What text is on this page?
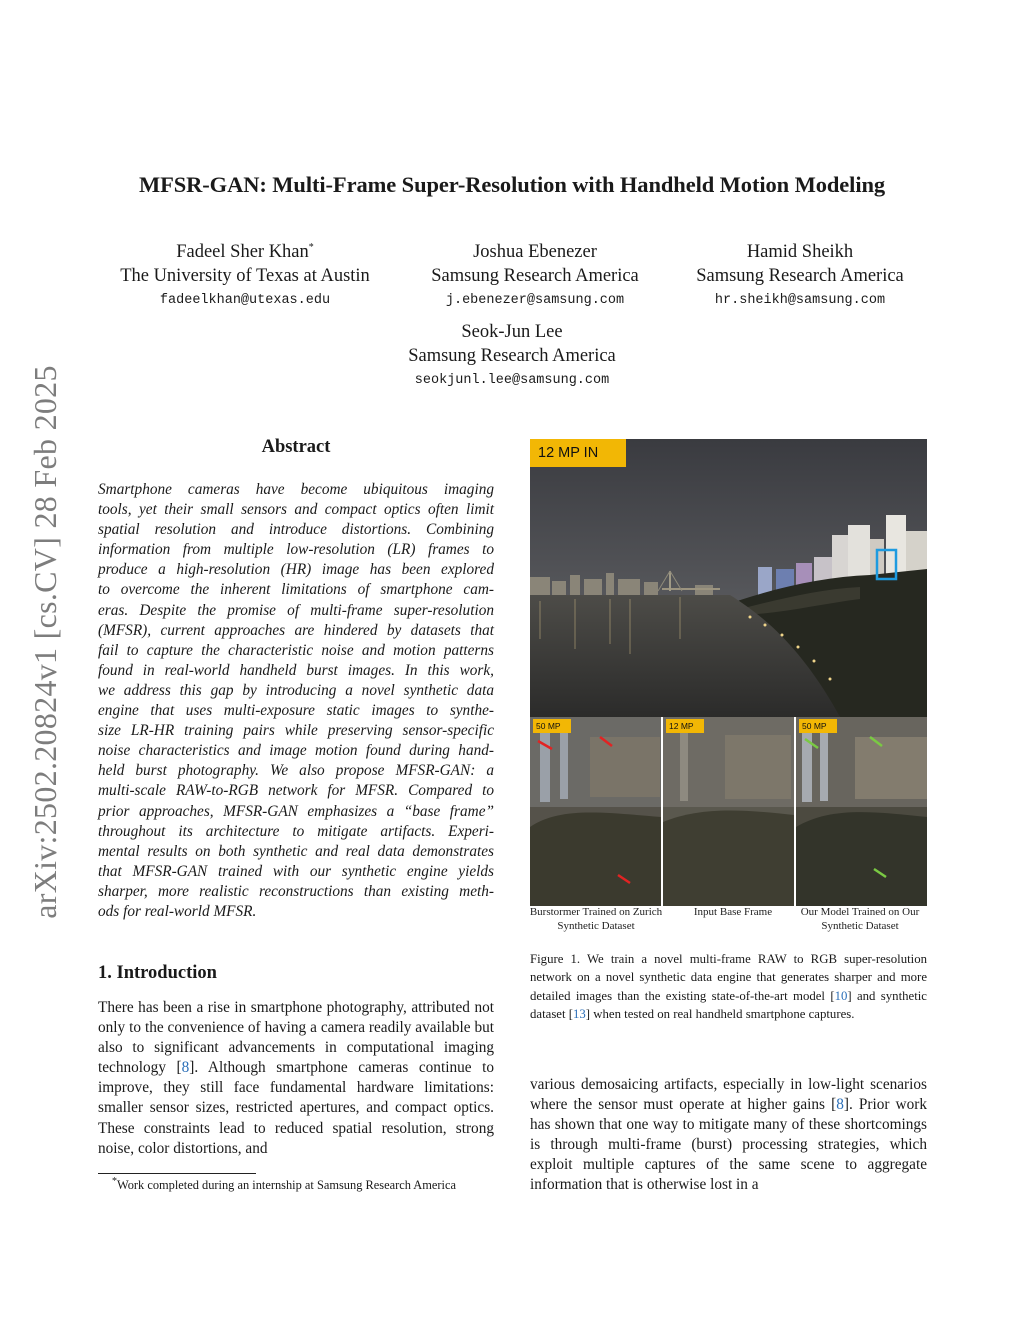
arXiv:2502.20824v1 [cs.CV] 28 Feb 2025
MFSR-GAN: Multi-Frame Super-Resolution with Handheld Motion Modeling
Fadeel Sher Khan*
The University of Texas at Austin
fadeelkhan@utexas.edu
Joshua Ebenezer
Samsung Research America
j.ebenezer@samsung.com
Hamid Sheikh
Samsung Research America
hr.sheikh@samsung.com
Seok-Jun Lee
Samsung Research America
seokjunl.lee@samsung.com
Abstract
Smartphone cameras have become ubiquitous imaging
tools, yet their small sensors and compact optics often limit
spatial resolution and introduce distortions. Combining
information from multiple low-resolution (LR) frames to
produce a high-resolution (HR) image has been explored
to overcome the inherent limitations of smartphone cam-
eras. Despite the promise of multi-frame super-resolution
(MFSR), current approaches are hindered by datasets that
fail to capture the characteristic noise and motion patterns
found in real-world handheld burst images. In this work,
we address this gap by introducing a novel synthetic data
engine that uses multi-exposure static images to synthe-
size LR-HR training pairs while preserving sensor-specific
noise characteristics and image motion found during hand-
held burst photography. We also propose MFSR-GAN: a
multi-scale RAW-to-RGB network for MFSR. Compared to
prior approaches, MFSR-GAN emphasizes a “base frame”
throughout its architecture to mitigate artifacts. Experi-
mental results on both synthetic and real data demonstrates
that MFSR-GAN trained with our synthetic engine yields
sharper, more realistic reconstructions than existing meth-
ods for real-world MFSR.
1. Introduction
There has been a rise in smartphone photography, attributed not only to the convenience of having a camera readily available but also to significant advancements in computational imaging technology [8]. Although smartphone cameras continue to improve, they still face fundamental hardware limitations: smaller sensor sizes, restricted apertures, and compact optics. These constraints lead to reduced spatial resolution, strong noise, color distortions, and
*Work completed during an internship at Samsung Research America
12 MP IN
50 MP	12 MP	50 MP
Burstormer Trained on Zurich
Synthetic Dataset
Input Base Frame	Our Model Trained on Our
Synthetic Dataset
Figure 1. We train a novel multi-frame RAW to RGB super-resolution network on a novel synthetic data engine that generates sharper and more detailed images than the existing state-of-the-art model [10] and synthetic dataset [13] when tested on real handheld smartphone captures.
various demosaicing artifacts, especially in low-light scenarios where the sensor must operate at higher gains [8]. Prior work has shown that one way to mitigate many of these shortcomings is through multi-frame (burst) processing strategies, which exploit multiple captures of the same scene to aggregate information that is otherwise lost in a
